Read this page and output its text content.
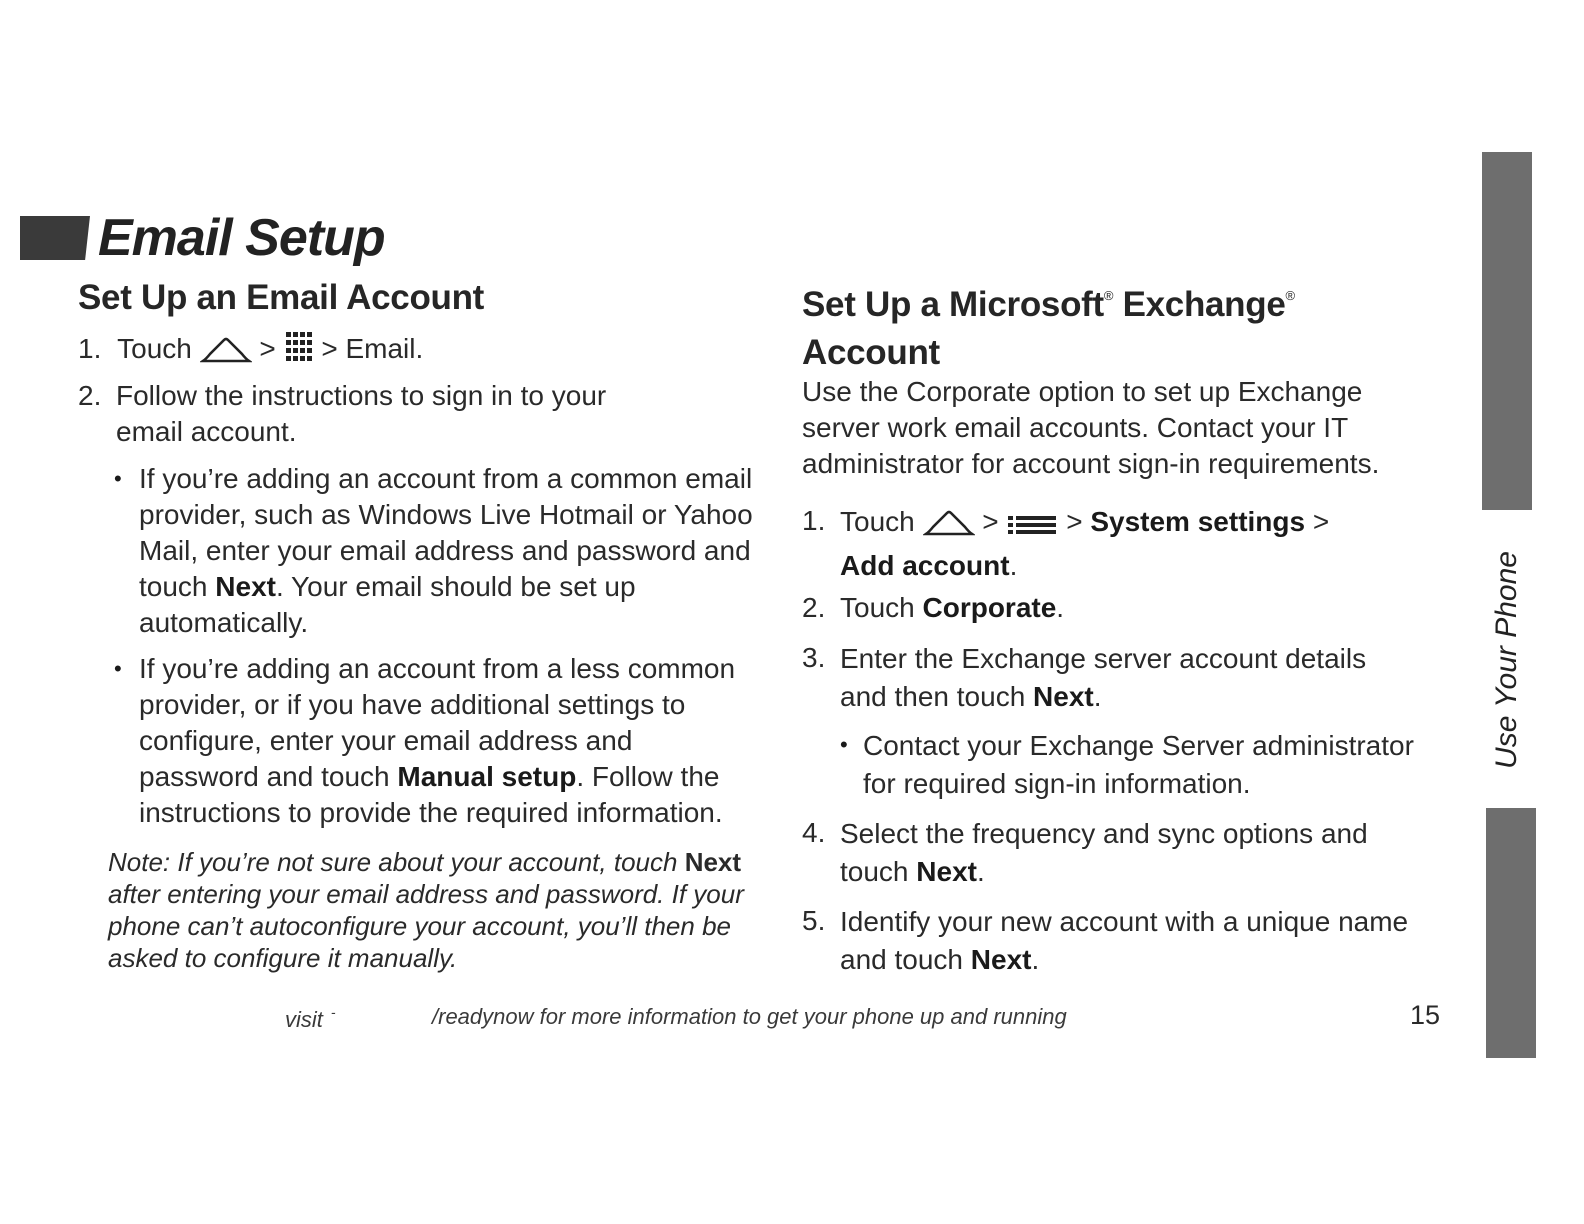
Email Setup
Set Up an Email Account
1. Touch > > Email.
2. Follow the instructions to sign in to your email account.
• If you’re adding an account from a common email provider, such as Windows Live Hotmail or Yahoo Mail, enter your email address and password and touch Next. Your email should be set up automatically.
• If you’re adding an account from a less common provider, or if you have additional settings to configure, enter your email address and password and touch Manual setup. Follow the instructions to provide the required information.
Note: If you’re not sure about your account, touch Next after entering your email address and password. If your phone can’t autoconfigure your account, you’ll then be asked to configure it manually.
Set Up a Microsoft® Exchange®
Account
Use the Corporate option to set up Exchange server work email accounts. Contact your IT administrator for account sign-in requirements.
1. Touch > > System settings >
Add account.
2. Touch Corporate.
3. Enter the Exchange server account details and then touch Next.
• Contact your Exchange Server administrator for required sign-in information.
4. Select the frequency and sync options and touch Next.
5. Identify your new account with a unique name and touch Next.
visit -	/readynow for more information to get your phone up and running	15
Use Your Phone
